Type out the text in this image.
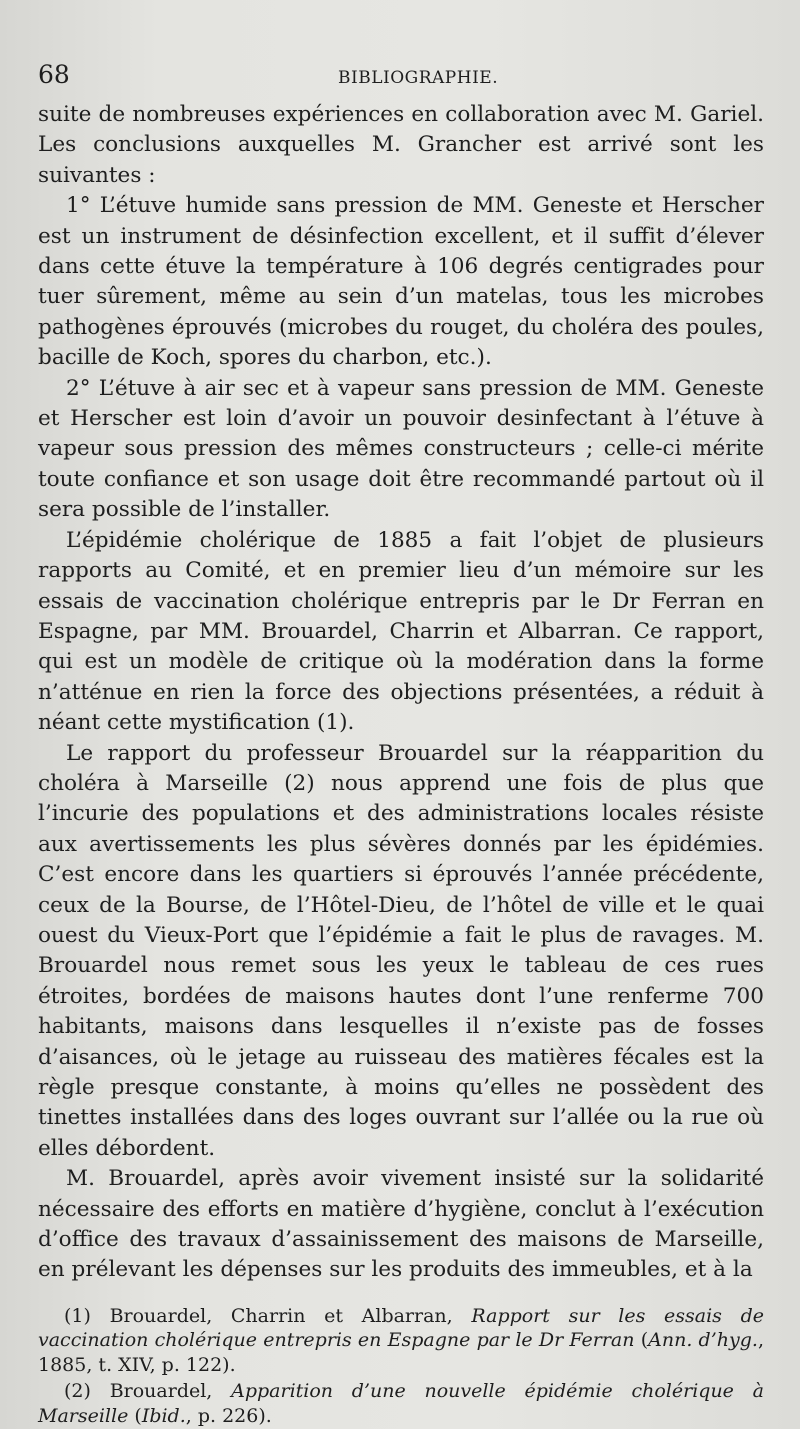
68	BIBLIOGRAPHIE.

suite de nombreuses expériences en collaboration avec M. Gariel. Les conclusions auxquelles M. Grancher est arrivé sont les suivantes :

1° L’étuve humide sans pression de MM. Geneste et Herscher est un instrument de désinfection excellent, et il suffit d’élever dans cette étuve la température à 106 degrés centigrades pour tuer sûrement, même au sein d’un matelas, tous les microbes pathogènes éprouvés (microbes du rouget, du choléra des poules, bacille de Koch, spores du charbon, etc.).

2° L’étuve à air sec et à vapeur sans pression de MM. Geneste et Herscher est loin d’avoir un pouvoir desinfectant à l’étuve à vapeur sous pression des mêmes constructeurs ; celle-ci mérite toute confiance et son usage doit être recommandé partout où il sera possible de l’installer.

L’épidémie cholérique de 1885 a fait l’objet de plusieurs rapports au Comité, et en premier lieu d’un mémoire sur les essais de vaccination cholérique entrepris par le Dr Ferran en Espagne, par MM. Brouardel, Charrin et Albarran. Ce rapport, qui est un modèle de critique où la modération dans la forme n’atténue en rien la force des objections présentées, a réduit à néant cette mystification (1).

Le rapport du professeur Brouardel sur la réapparition du choléra à Marseille (2) nous apprend une fois de plus que l’incurie des populations et des administrations locales résiste aux avertissements les plus sévères donnés par les épidémies. C’est encore dans les quartiers si éprouvés l’année précédente, ceux de la Bourse, de l’Hôtel-Dieu, de l’hôtel de ville et le quai ouest du Vieux-Port que l’épidémie a fait le plus de ravages. M. Brouardel nous remet sous les yeux le tableau de ces rues étroites, bordées de maisons hautes dont l’une renferme 700 habitants, maisons dans lesquelles il n’existe pas de fosses d’aisances, où le jetage au ruisseau des matières fécales est la règle presque constante, à moins qu’elles ne possèdent des tinettes installées dans des loges ouvrant sur l’allée ou la rue où elles débordent.

M. Brouardel, après avoir vivement insisté sur la solidarité nécessaire des efforts en matière d’hygiène, conclut à l’exécution d’office des travaux d’assainissement des maisons de Marseille, en prélevant les dépenses sur les produits des immeubles, et à la

(1) Brouardel, Charrin et Albarran, Rapport sur les essais de vaccination cholérique entrepris en Espagne par le Dr Ferran (Ann. d’hyg., 1885, t. XIV, p. 122).

(2) Brouardel, Apparition d’une nouvelle épidémie cholérique à Marseille (Ibid., p. 226).
